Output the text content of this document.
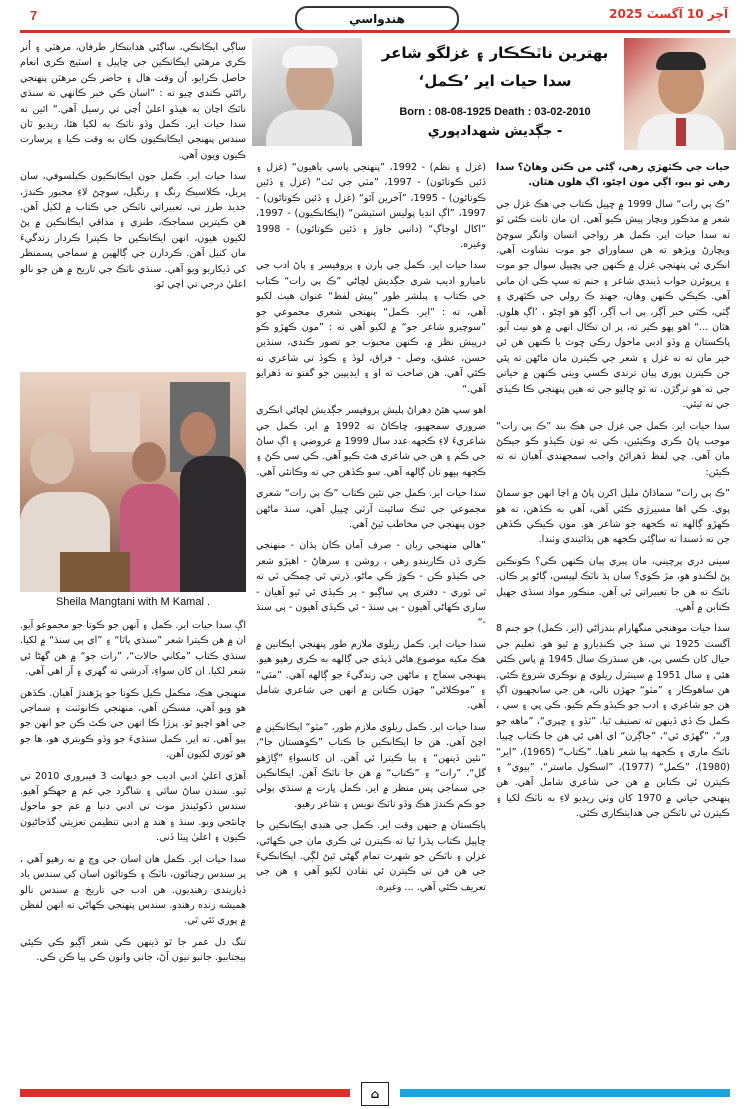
7	هندواسي	آچر 10 آگسٽ 2025
بهترين ناٽڪڪار ۽ غزلگو شاعر
سدا حيات اير ’ڪمل‘
Born : 08-08-1925 Death : 03-02-2010
- جڳديش شهدادپوري

ساڳي ايڪانڪي، ساڳئي هدايتڪار طرفان، مرهٽي ۽ اُتر ڪري مرهٽي ايڪانڪين جي ڇاپيل ۽ اسٽيج ڪري انعام حاصل ڪرايو. اُن وقت هال ۽ حاضر ڪن مرهٽن پنهنجي راڻئي ڪندي چيو ته : ”اسان ڪي خبر ڪانهي ته سنڌي ناٽڪ اڃان به هيڏو اعليٰ اُڃي تي رسيل آهي.“ ائين ته سدا حيات اير. ڪمل وڏو ناٽڪ به لکيا هئا، ريڊيو ٿان سندس پنهنجي ايڪانڪيون ڪان به وقت ڪيا ۽ پرسارت ڪيون ويون آهي.

سدا حيات اير. ڪمل جون ايڪانڪيون ڪيلسوفي، سان پريل، ڪلاسيڪ رنگ ۽ رنگيل، سوچڻ لاءِ مجبور ڪندڙ، جديد طرز تي، تعبيراتي ناٽڪن جي ڪتاب ۾ لکيل آهن. هن ڪيترين سماجڪ، طنزي ۽ مذاقي ايڪانڪين ۾ پڻ لکيون هيون، انهن ايڪانڪين جا ڪيترا ڪردار زندگيءَ مان کنيل آهن. ڪردارن جي ڳالهين ۾ سماجي پسمنظر کي ڏيکاريو ويو آهي. سنڌي ناٽڪ جي تاريخ ۾ هن جو نالو اعليٰ درجي تي اچي ٿو.

Sheila Mangtani with M Kamal .

اڳ سدا حيات اير. ڪمل ۽ آنهن جو ڪوتا جو مجموعو آيو. ان ۾ هن ڪيترا شعر ”سنڌي پاٿا“ ۽ ”اي ٻي سنڌ“ ۾ لکيا. سنڌي ڪتاب ”مکاني حالات“، ”رات جو“ ۾ هن گهڻا ئي شعر لکيا. ان کان سواءِ، آدرشي ته گهري ۽ آر اهي آهي.

منهنجي هڪ، مڪمل ڪيل ڪوتا جو پڙهندڙ آهيان. ڪڏهن هو ويو آهي، مسڪن آهي، منهنجي ڪانوٽنٽ ۽ سماجي جي اهو اچيو ٿو. پرڙا ڪا انهن جي ڪٿ ڪن جو انهن جو ٻيو آهي. ته اير. ڪمل سنڌيءَ جو وڏو ڪويتري هو، ها جو هو ٽوري لکيون آهن.

آهڙي اعليٰ ادبي اديب جو ديهانت 3 فيبروري 2010 تي ٿيو. سندن ساڻ ساٿي ۽ شاگرد جي غم ۾ جهڪو آهيو. سندس ڏکوئيندڙ موت تي ادبي دنيا ۾ غم جو ماحول ڇانئجي ويو. سنڌ ۽ هند ۾ ادبي تنظيمن تعزيتي گڏجاڻيون ڪيون ۽ اعليٰ ڀيٽا ڏني.

سدا حيات اير. ڪمل هان اسان جي وچ ۾ نه رهيو آهي ، پر سندس رچنائون، ناٽڪ ۽ ڪوتائون اسان کي سندس ياد ڏياريندي رهنديون. هن ادب جي تاريخ ۾ سندس نالو هميشه زنده رهندو. سندس پنهنجي ڪهاڻي ته انهن لفظن ۾ پوري ٿئي ٿي.

تنگ دل عمر جا ٿو ڏينهن ڪي شعر آڳيو ڪي ڪيئي ٻيجتابيو. جانبو نيون آڻ، جاني وانون ڪي ٻيا ڪن ڪي.

(غزل ۽ نظم) - 1992، ”پنهنجي پاسي ٻاهيون“ (غزل ۽ ڏئين ڪوتائون) - 1997، ”مٽي جي ٿٺ“ (غزل ۽ ڏئين ڪوتائون) - 1995، ”آخرين آئو“ (غزل ۽ ڏئين ڪوتائون) - 1997، ”اڳ انڊيا پوليس اسٽيشن“ (ايڪانڪيون) - 1997، ”اکال اوجاڳ“ (دانبي جاوڙ ۽ ڏئين ڪوتائون) - 1998 وغيره.

سدا حيات اير. ڪمل جي ٻارن ۽ پروفيسر ۽ پاڻ ادب جي ناميارو اديب شري جڳديش لڇاڻي ”ڪ ٻي رات“ ڪتاب جي ڪتاب ۽ پبلشر طور ”پيش لفظ“ عنوان هيٺ لکيو آهي، ته : ”اير. ڪمل“ پنهنجي شعري مجموعي جو ”سوچيرو شاعر جو“ ۾ لکيو آهي ته : ”مون ڪهڙو ڪو درپيش نظر ۾، ڪنهن محبوب جو تصور ڪندي، سنڌين حسن، عشق، وصل - فراق، لوڏ ۽ ڪوڏ تي شاعري نه ڪئي آهي. هن صاحب ته او ۽ ايڊيپين جو گفتو نه ڏهرايو آهي.“

اهو سڀ هئڻ دهراڻ پليش پروفيسر جڳديش لڇاڻي انڪري ضروري سمجهيو، ڇاڪاڻ ته 1992 ۾ اير. ڪمل جي شاعريءَ لاءِ ڪجهه عدد سال 1999 ۾ عروضي ۽ اڳ ساڻ جي ڪم ۽ هن جي شاعري هٿ ڪيو آهي. ڪي سي ڪڻ ۽ ڪجهه ٻيهو تان ڳالهه آهي. سو ڪڏهن جي ته وڪانئي آهي.

سدا حيات اير. ڪمل جي تئين ڪتاب ”ڪ ٻي رات“ شعري مجموعي جي ٿنڪ سائيٽ آرٽي ڇپيل آهي، سنڌ ماڻهن جون پنهنجي جي مخاطب ٿيڻ آهي.

”هالي منهنجي زبان - صرف آمان ڪان ٻڌان - منهنجي ڪري ڏن ڪاريندو رهي ، روشن ۽ سرهاڻ - اهيڙو شعر جي ڪيڏو ڪن - ڪوڙ ڪي ماڻو، ڌرتي ٿي چمڪي ٿي ته ٿي ٿوري - دفتري ڀي ساڳيو - پر ڪيڏي ئي ٿيو آهيان - ساري ڪهاڻي آهيون - ٻي سنڌ - ئي ڪيڏي آهيون - ٻي سنڌ -“

سدا حيات اير. ڪمل ريلوي ملازم طور پنهنجي ايڪانين ۾ هڪ مکيه موضوع هاڻي ڏيڏي جي ڳالهه به ڪري رهيو هيو. پنهنجي سماج ۽ ماڻهن جي زندگيءَ جو ڳالهه آهي. ”مٽي“ ۽ ”موڪلاڻي“ جهڙن ڪتابن ۾ انهن جي شاعري شامل آهي.

سدا حيات اير. ڪمل ريلوي ملازم طور، ”مٽو“ ايڪانڪين ۾ اچڻ آهي. هن جا ايڪانڪين جا ڪتاب ”ڪوهستان جا“، ”نئين ڏينهن“ ۽ ٻيا ڪيترا ئي آهن. ان کانسواءِ ”ڳاڙهو گل“، ”رات“ ۽ ”ڪتاب“ ۾ هن جا ناٽڪ آهن. ايڪانڪين جي سماجي پس منظر ۾ اير. ڪمل ڀارت ۾ سنڌي ٻولي جو ڪم ڪندڙ هڪ وڏو ناٽڪ نويس ۽ شاعر رهيو.

پاڪستان ۾ جنهن وقت اير. ڪمل جي هندي ايڪانڪين جا ڇاپيل ڪتاب پڌرا ٿيا ته ڪيترن ئي ڪري مان جي ڪهاڻي، غزلن ۽ ناٽڪن جو شهرت تمام گهڻي ٿيڻ لڳي. ايڪانڪيءَ جي هن فن تي ڪيترن ئي نقادن لکيو آهي ۽ هن جي تعريف ڪئي آهي. ... وغيره.

حيات جي ڪٿهڙي رهي، ڳڻي من ڪنن وهاڻ؟ سدا رهي ٿو ٻيو، اڳي مون اچڻو، اڳ هلون هٿان.

”ڪ ٻي رات“ سال 1999 ۾ ڇپيل ڪتاب جي هڪ غزل جي شعر ۾ مذڪور ويچار پيش ڪيو آهي. ان مان ثابت ڪئي ٿو ته سدا حيات اير. ڪمل هر رواجي انسان وانگر سوچڻ ويچارڻ ويڙهو ته هن سماوراي جو موت نشاوت آهي. انڪري ئي پنهنجي غزل ۾ ڪنهن جي پڇپيل سوال جو موت ۽ ڀرڀوئرن جواب ڏيندي شاعر ۽ جنم ته سڀ ڪي ان ماني آهي. ڪيڪي ڪنهن وهان، جهنڊ ڪ رولي جي ڪٿهري ۽ ڳٽي، ڪٿي خبر آڳر، ٻي اب آڳر، آڳو هو اچڻو ، ’اڳ هلون. هٿان ...“ اهو پهو ڪير ته، پر ان تڪال انهي ۾ هو نيٺ آيو. پاڪستان ۾ وڏو ادبي ماحول رڪي ڇوٽ يا ڪنهن هن ئي خبر مان ته نه غزل ۽ شعر جي ڪيترن مان ماڻهن ته پئي جن ڪيترن پوري پيان ترندي ڪسي ويني ڪنهن ۾ حياتي جي ته هو ترگڙن. ته ٿو ڇاليو جي ته هين پنهنجي ڪا ڪيڏي جي ته ٿيئي.

سدا حيات اير. ڪمل جي غزل جي هڪ بند ”ڪ ٻي رات“ موجب ڀاڻ ڪري وڪيئين، ڪي ته تون ڪيڏو ڪو جيڪڻ مان آهي. ڇي لفظ ڏهرائڻ واجب سمجهندي آهيان ته ته ڪيئن:

”ڪ ٻي رات“ سماڌاڻ مليل اکرن پاڻ ۾ اڃا انهن جو سماڻ پوي. ڪي اها مسيرڙي ڪئي آهي، آهي به ڪڏهن، ته هو ڪهڙو ڳالهه ته ڪجهه جو شاعر هو. مون ڪيڪي ڪڏهن جن ته ڏسندا ته ساڳئي ڪجهه هن ٻڌائيندي وٺندا.

سيني دري پرچيني، مان پيري پيان ڪنهن ڪي؟ ڪونڪين پڻ لڪندو هو، مڙ ڪوي؟ سان ٻڌ ناٽڪ لپيسن، ڳاڻو پر ڪان. ناٽڪ ته هن جا تعبيراتي ئي آهن. منڪور مواد سنڌي جهيل ڪتابن ۾ آهي.

سدا حيات موهنجي منگهارام بندراڻي (اير. ڪمل) جو جنم 8 آگسٽ 1925 تي سنڌ جي ڪنڊيارو ۾ ٿيو هو. تعليم جي حيال کان ڪسي ٻي، هن سنڌرڪ سال 1945 ۾ پاس ڪئي هئي ۽ سال 1951 ۾ سينٽرل ريلوي ۾ نوڪري شروع ڪئي. هن ساهوڪار ۽ ”مٽو“ جهڙن نالي، هن جي سانجهيون اڳ هن جو شاعري ۽ ادب جو ڪيڏو ڪم ڪيو. ڪي ڀي ۽ سي ، ڪمل ڪ ڏي ڏينهن ته تصنيف ٿيا. ”ٿڏو ۽ ڇپري“، ”ماهه جو ور“، ”گهڙي ئي“، ”جاڳرن“ اي اهي ئي هن جا ڪتاب ڇپيا. ناٽڪ ماري ۽ ڪجهه ٻيا شعر ناهيا. ”ڪتاب“ (1965)، ”اير“ (1980)، ”ڪمل“ (1977)، ”اسڪول ماستر“، ”بيوي“ ۽ ڪيترن ئي ڪتابن ۾ هن جي شاعري شامل آهي. هن پنهنجي حياتي ۾ 1970 کان وٺي ريڊيو لاءِ به ناٽڪ لکيا ۽ ڪيترن ئي ناٽڪن جي هدايتڪاري ڪئي.

⌂
